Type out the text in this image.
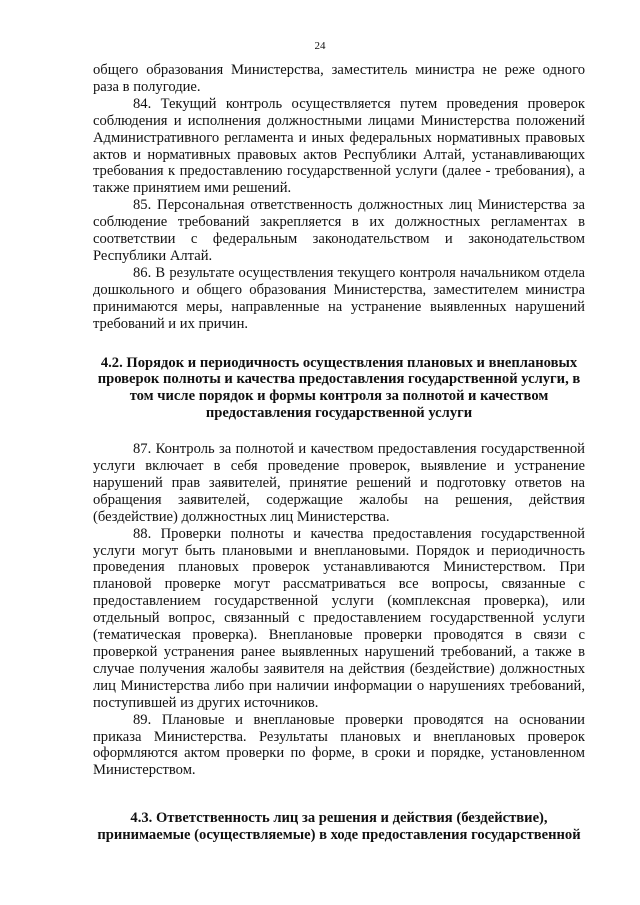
24

общего образования Министерства, заместитель министра не реже одного раза в полугодие.

84. Текущий контроль осуществляется путем проведения проверок соблюдения и исполнения должностными лицами Министерства положений Административного регламента и иных федеральных нормативных правовых актов и нормативных правовых актов Республики Алтай, устанавливающих требования к предоставлению государственной услуги (далее - требования), а также принятием ими решений.

85. Персональная ответственность должностных лиц Министерства за соблюдение требований закрепляется в их должностных регламентах в соответствии с федеральным законодательством и законодательством Республики Алтай.

86. В результате осуществления текущего контроля начальником отдела дошкольного и общего образования Министерства, заместителем министра принимаются меры, направленные на устранение выявленных нарушений требований и их причин.

4.2. Порядок и периодичность осуществления плановых и внеплановых проверок полноты и качества предоставления государственной услуги, в том числе порядок и формы контроля за полнотой и качеством предоставления государственной услуги

87. Контроль за полнотой и качеством предоставления государственной услуги включает в себя проведение проверок, выявление и устранение нарушений прав заявителей, принятие решений и подготовку ответов на обращения заявителей, содержащие жалобы на решения, действия (бездействие) должностных лиц Министерства.

88. Проверки полноты и качества предоставления государственной услуги могут быть плановыми и внеплановыми. Порядок и периодичность проведения плановых проверок устанавливаются Министерством. При плановой проверке могут рассматриваться все вопросы, связанные с предоставлением государственной услуги (комплексная проверка), или отдельный вопрос, связанный с предоставлением государственной услуги (тематическая проверка). Внеплановые проверки проводятся в связи с проверкой устранения ранее выявленных нарушений требований, а также в случае получения жалобы заявителя на действия (бездействие) должностных лиц Министерства либо при наличии информации о нарушениях требований, поступившей из других источников.

89. Плановые и внеплановые проверки проводятся на основании приказа Министерства. Результаты плановых и внеплановых проверок оформляются актом проверки по форме, в сроки и порядке, установленном Министерством.

4.3. Ответственность лиц за решения и действия (бездействие),
принимаемые (осуществляемые) в ходе предоставления государственной
